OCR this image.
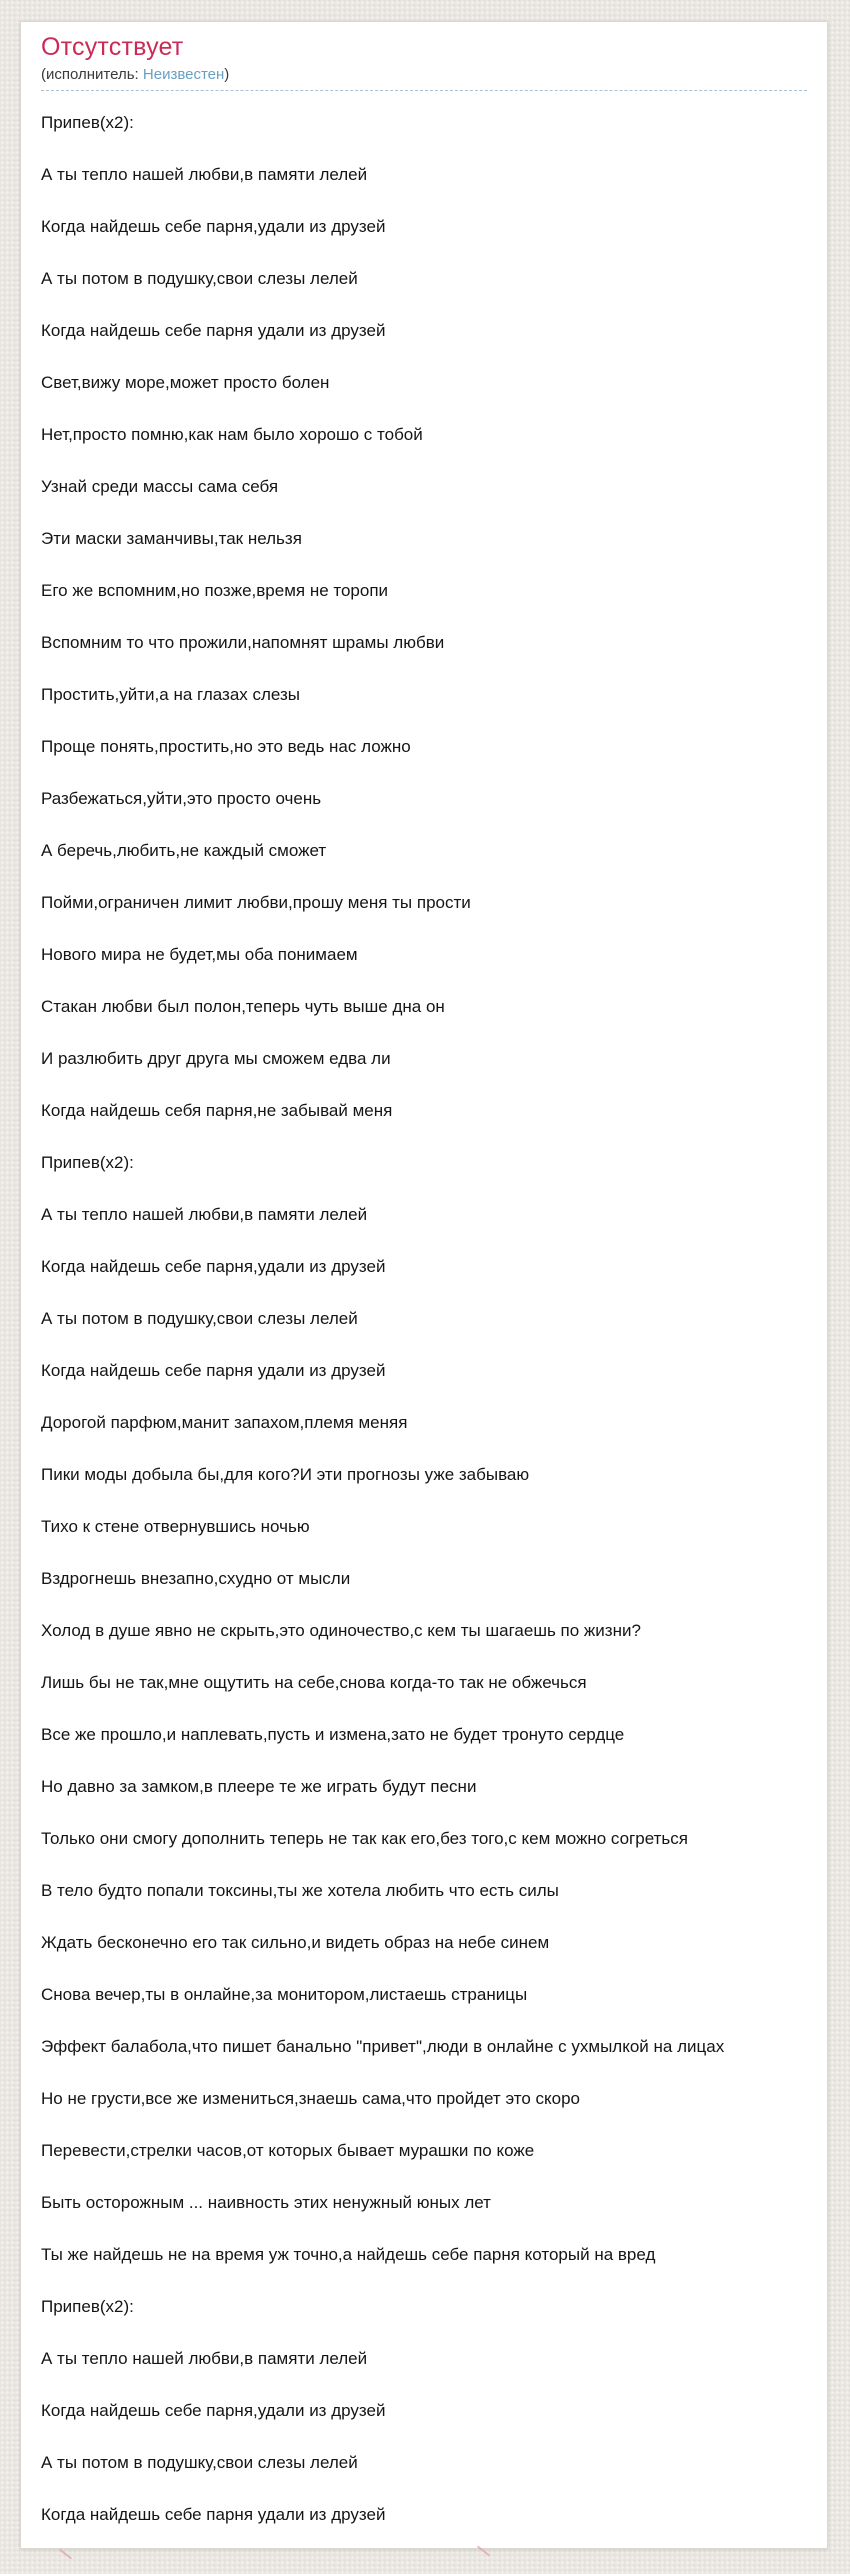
Отсутствует
(исполнитель: Неизвестен)

Припев(x2):

А ты тепло нашей любви,в памяти лелей

Когда найдешь себе парня,удали из друзей

А ты потом в подушку,свои слезы лелей

Когда найдешь себе парня удали из друзей

Свет,вижу море,может просто болен

Нет,просто помню,как нам было хорошо с тобой

Узнай среди массы сама себя

Эти маски заманчивы,так нельзя

Его же вспомним,но позже,время не торопи

Вспомним то что прожили,напомнят шрамы любви

Простить,уйти,а на глазах слезы

Проще понять,простить,но это ведь нас ложно

Разбежаться,уйти,это просто очень

А беречь,любить,не каждый сможет

Пойми,ограничен лимит любви,прошу меня ты прости

Нового мира не будет,мы оба понимаем

Стакан любви был полон,теперь чуть выше дна он

И разлюбить друг друга мы сможем едва ли

Когда найдешь себя парня,не забывай меня

Припев(x2):

А ты тепло нашей любви,в памяти лелей

Когда найдешь себе парня,удали из друзей

А ты потом в подушку,свои слезы лелей

Когда найдешь себе парня удали из друзей

Дорогой парфюм,манит запахом,племя меняя

Пики моды добыла бы,для кого?И эти прогнозы уже забываю

Тихо к стене отвернувшись ночью

Вздрогнешь внезапно,схудно от мысли

Холод в душе явно не скрыть,это одиночество,с кем ты шагаешь по жизни?

Лишь бы не так,мне ощутить на себе,снова когда-то так не обжечься

Все же прошло,и наплевать,пусть и измена,зато не будет тронуто сердце

Но давно за замком,в плеере те же играть будут песни

Только они смогу дополнить теперь не так как его,без того,с кем можно согреться

В тело будто попали токсины,ты же хотела любить что есть силы

Ждать бесконечно его так сильно,и видеть образ на небе синем

Снова вечер,ты в онлайне,за монитором,листаешь страницы

Эффект балабола,что пишет банально "привет",люди в онлайне с ухмылкой на лицах

Но не грусти,все же измениться,знаешь сама,что пройдет это скоро

Перевести,стрелки часов,от которых бывает мурашки по коже

Быть осторожным ... наивность этих ненужный юных лет

Ты же найдешь не на время уж точно,а найдешь себе парня который на вред

Припев(x2):

А ты тепло нашей любви,в памяти лелей

Когда найдешь себе парня,удали из друзей

А ты потом в подушку,свои слезы лелей

Когда найдешь себе парня удали из друзей
